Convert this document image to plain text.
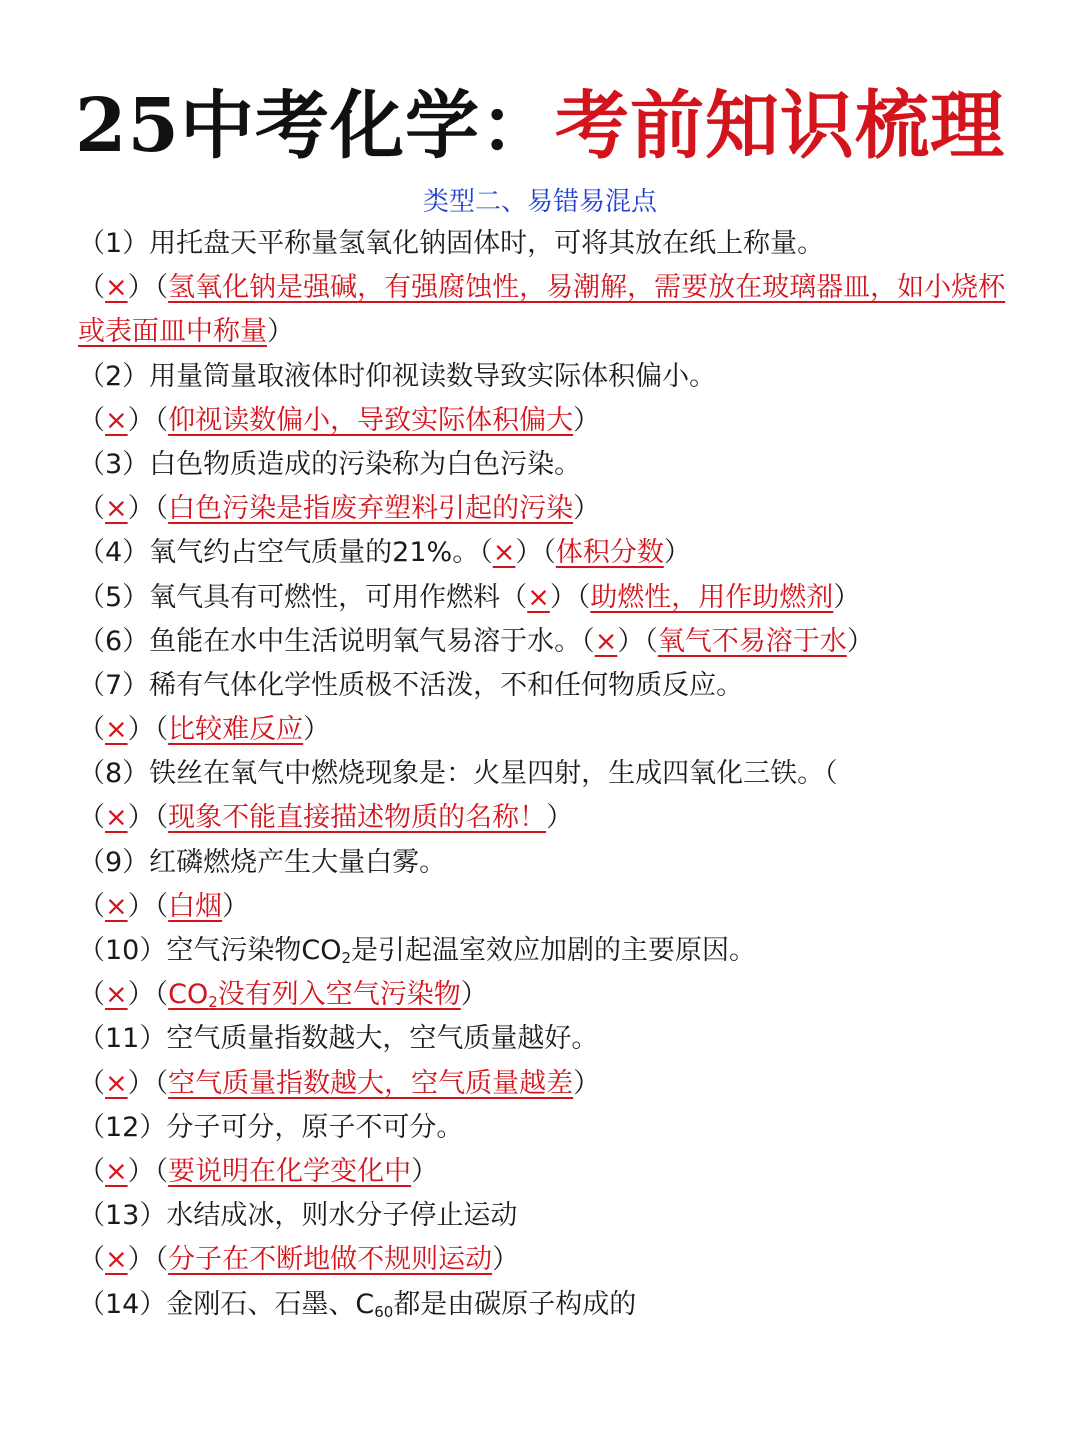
25中考化学：考前知识梳理
类型二、易错易混点
（1）用托盘天平称量氢氧化钠固体时，可将其放在纸上称量。
（×）（氢氧化钠是强碱，有强腐蚀性，易潮解，需要放在玻璃器皿，如小烧杯或表面皿中称量）
（2）用量筒量取液体时仰视读数导致实际体积偏小。
（×）（仰视读数偏小，导致实际体积偏大）
（3）白色物质造成的污染称为白色污染。
（×）（白色污染是指废弃塑料引起的污染）
（4）氧气约占空气质量的21%。（×）（体积分数）
（5）氧气具有可燃性，可用作燃料（×）（助燃性，用作助燃剂）
（6）鱼能在水中生活说明氧气易溶于水。（×）（氧气不易溶于水）
（7）稀有气体化学性质极不活泼，不和任何物质反应。
（×）（比较难反应）
（8）铁丝在氧气中燃烧现象是：火星四射，生成四氧化三铁。（
（×）（现象不能直接描述物质的名称！）
（9）红磷燃烧产生大量白雾。
（×）（白烟）
（10）空气污染物$CO_2$是引起温室效应加剧的主要原因。
$(\times)(CO_2$没有列入空气污染物）
（11）空气质量指数越大，空气质量越好。
（×）（空气质量指数越大，空气质量越差）
（12）分子可分，原子不可分。
（×）（要说明在化学变化中）
（13）水结成冰，则水分子停止运动
（×）（分子在不断地做不规则运动）
（14）金刚石、石墨、$C_{60}$都是由碳原子构成的
